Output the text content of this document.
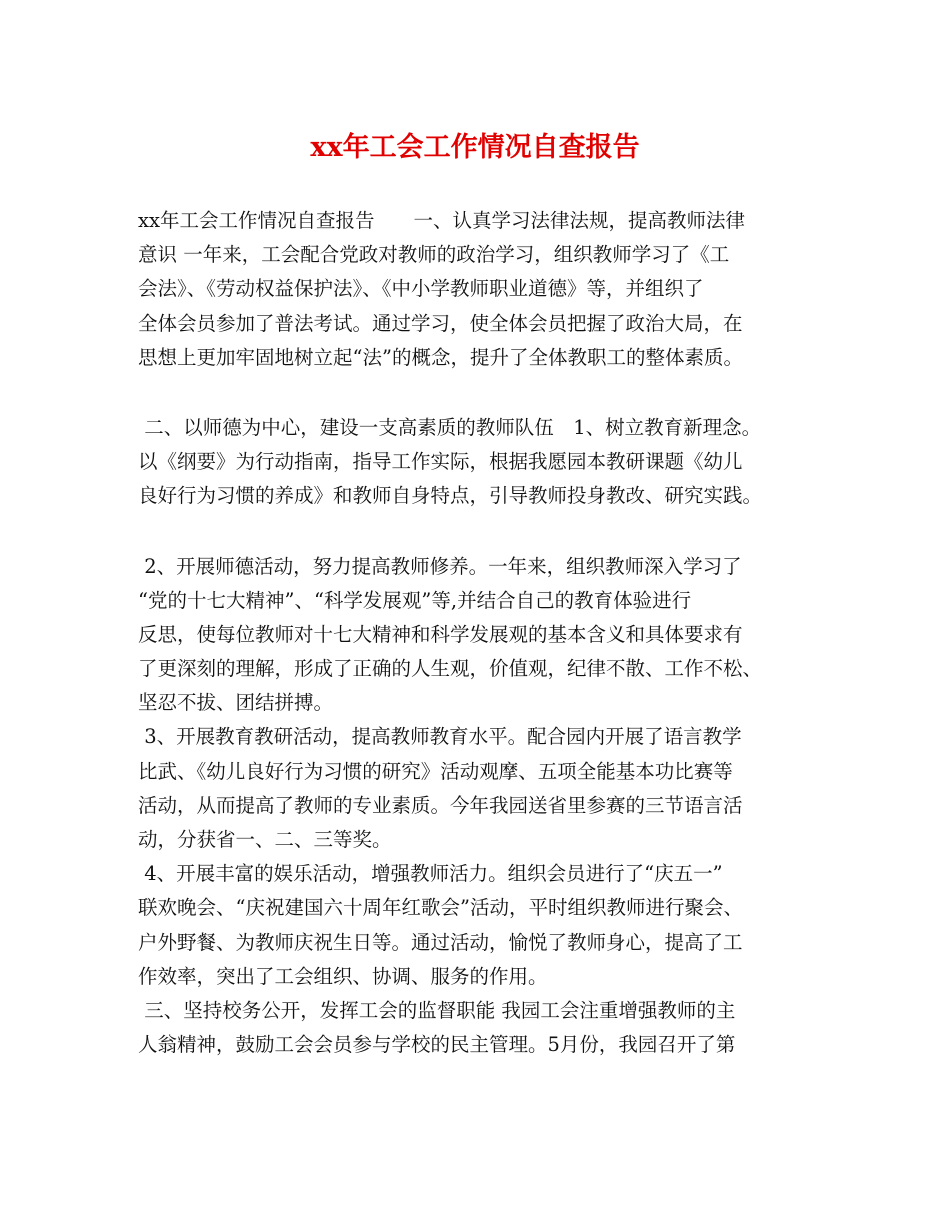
xx年工会工作情况自查报告
xx年工会工作情况自查报告　　一、认真学习法律法规，提高教师法律
意识 一年来，工会配合党政对教师的政治学习，组织教师学习了《工
会法》、《劳动权益保护法》、《中小学教师职业道德》等，并组织了
全体会员参加了普法考试。通过学习，使全体会员把握了政治大局，在
思想上更加牢固地树立起“法”的概念，提升了全体教职工的整体素质。
二、以师德为中心，建设一支高素质的教师队伍　1、树立教育新理念。
以《纲要》为行动指南，指导工作实际，根据我愿园本教研课题《幼儿
良好行为习惯的养成》和教师自身特点，引导教师投身教改、研究实践。
2、开展师德活动，努力提高教师修养。一年来，组织教师深入学习了
“党的十七大精神”、“科学发展观”等,并结合自己的教育体验进行
反思，使每位教师对十七大精神和科学发展观的基本含义和具体要求有
了更深刻的理解，形成了正确的人生观，价值观，纪律不散、工作不松、
坚忍不拔、团结拼搏。
3、开展教育教研活动，提高教师教育水平。配合园内开展了语言教学
比武、《幼儿良好行为习惯的研究》活动观摩、五项全能基本功比赛等
活动，从而提高了教师的专业素质。今年我园送省里参赛的三节语言活
动，分获省一、二、三等奖。
4、开展丰富的娱乐活动，增强教师活力。组织会员进行了“庆五一”
联欢晚会、“庆祝建国六十周年红歌会”活动，平时组织教师进行聚会、
户外野餐、为教师庆祝生日等。通过活动，愉悦了教师身心，提高了工
作效率，突出了工会组织、协调、服务的作用。
三、坚持校务公开，发挥工会的监督职能 我园工会注重增强教师的主
人翁精神，鼓励工会会员参与学校的民主管理。5月份，我园召开了第
